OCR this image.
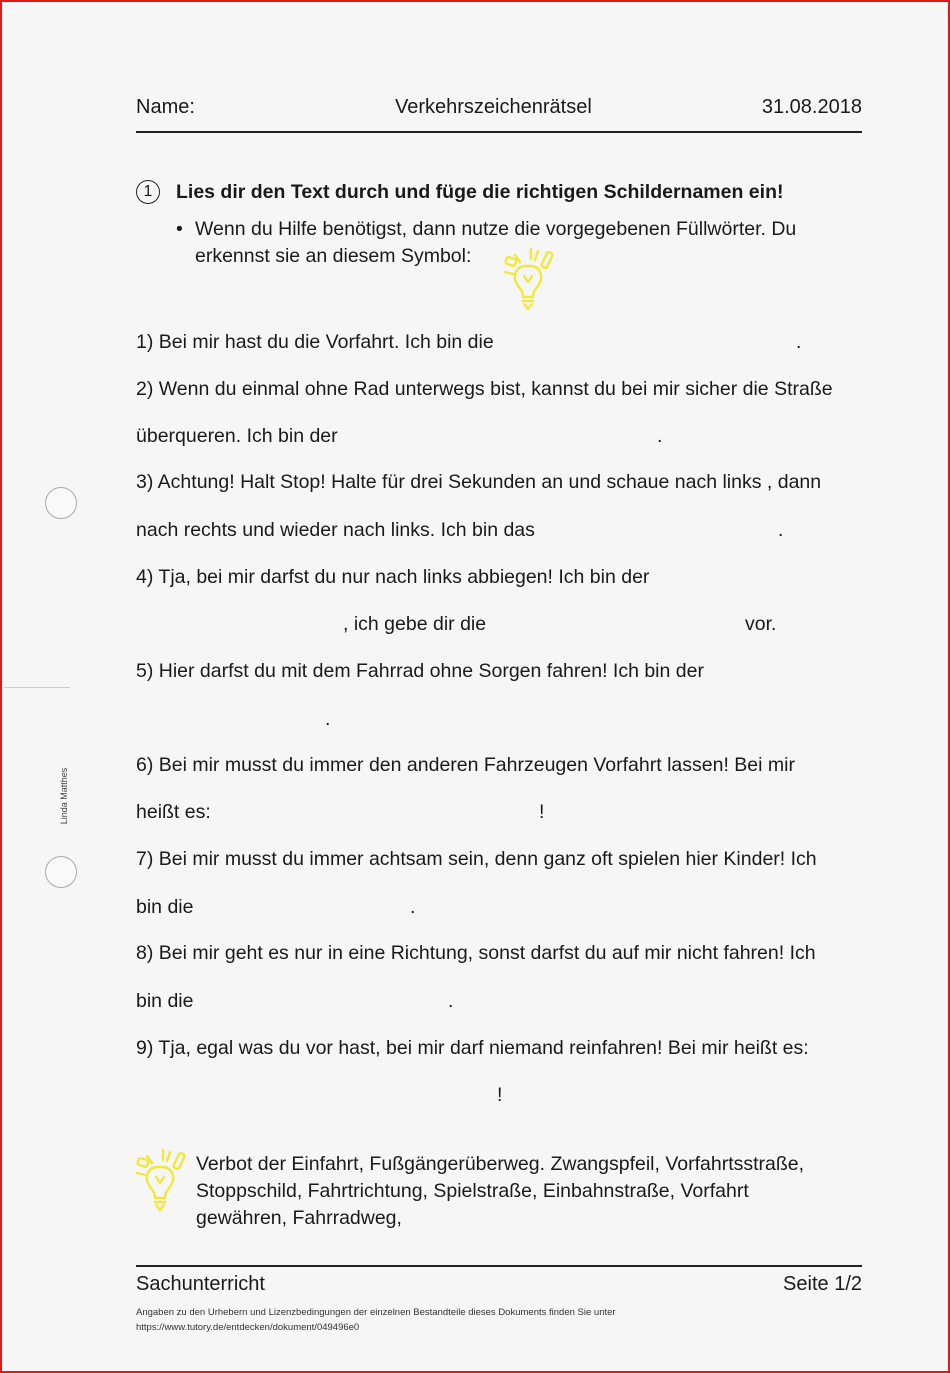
Name:	Verkehrszeichenrätsel	31.08.2018
1	Lies dir den Text durch und füge die richtigen Schildernamen ein!
• Wenn du Hilfe benötigst, dann nutze die vorgegebenen Füllwörter. Du
erkennst sie an diesem Symbol:
1) Bei mir hast du die Vorfahrt. Ich bin die	.
2) Wenn du einmal ohne Rad unterwegs bist, kannst du bei mir sicher die Straße
überqueren. Ich bin der	.
3) Achtung! Halt Stop! Halte für drei Sekunden an und schaue nach links , dann
nach rechts und wieder nach links. Ich bin das	.
4) Tja, bei mir darfst du nur nach links abbiegen! Ich bin der
, ich gebe dir die	vor.
5) Hier darfst du mit dem Fahrrad ohne Sorgen fahren! Ich bin der
.
6) Bei mir musst du immer den anderen Fahrzeugen Vorfahrt lassen! Bei mir
heißt es:	!
7) Bei mir musst du immer achtsam sein, denn ganz oft spielen hier Kinder! Ich
bin die	.
8) Bei mir geht es nur in eine Richtung, sonst darfst du auf mir nicht fahren! Ich
bin die	.
9) Tja, egal was du vor hast, bei mir darf niemand reinfahren! Bei mir heißt es:
!
Verbot der Einfahrt, Fußgängerüberweg. Zwangspfeil, Vorfahrtsstraße,
Stoppschild, Fahrtrichtung, Spielstraße, Einbahnstraße, Vorfahrt
gewähren, Fahrradweg,
Linda Matthes
Sachunterricht	Seite 1/2
Angaben zu den Urhebern und Lizenzbedingungen der einzelnen Bestandteile dieses Dokuments finden Sie unter
https://www.tutory.de/entdecken/dokument/049496e0
